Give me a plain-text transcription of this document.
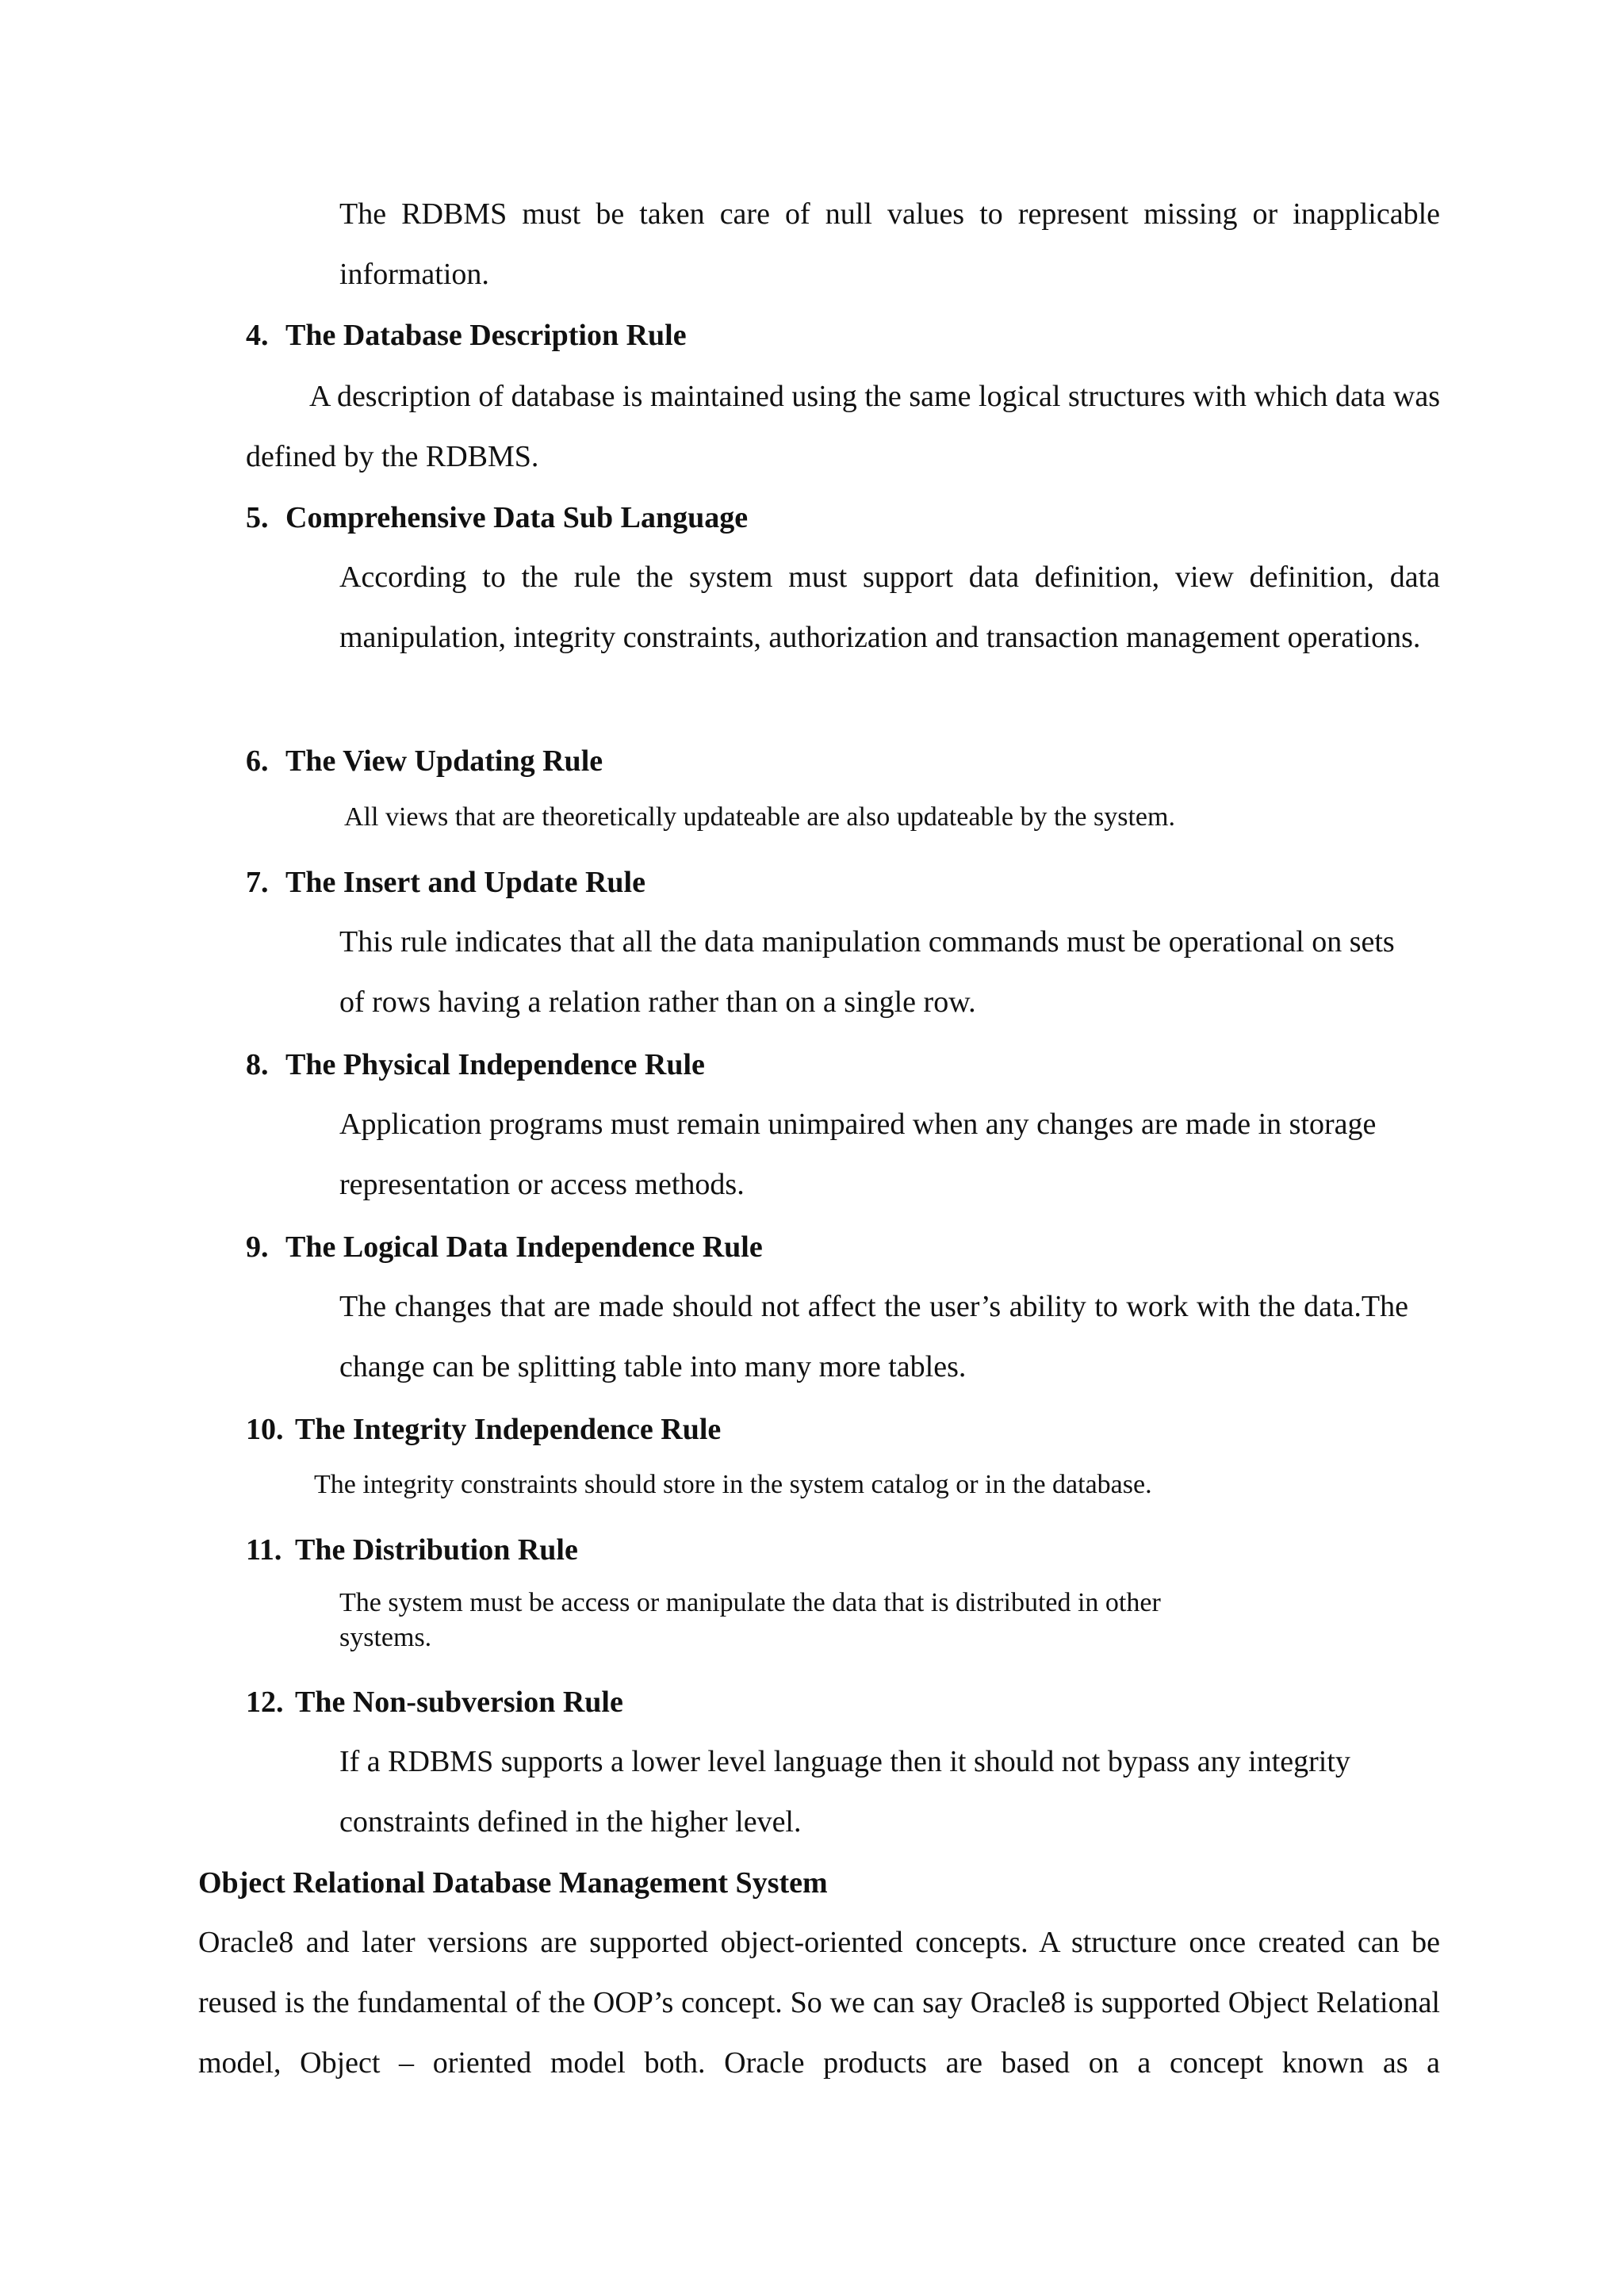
The RDBMS must be taken care of null values to represent missing or inapplicable information.

4. The Database Description Rule

A description of database is maintained using the same logical structures with which data was defined by the RDBMS.

5. Comprehensive Data Sub Language

According to the rule the system must support data definition, view definition, data manipulation, integrity constraints, authorization and transaction management operations.

6. The View Updating Rule
All views that are theoretically updateable are also updateable by the system.
7. The Insert and Update Rule

This rule indicates that all the data manipulation commands must be operational on sets of rows having a relation rather than on a single row.

8. The Physical Independence Rule

Application programs must remain unimpaired when any changes are made in storage representation or access methods.

9. The Logical Data Independence Rule

The changes that are made should not affect the user’s ability to work with the data.The change can be splitting table into many more tables.

10. The Integrity Independence Rule
The integrity constraints should store in the system catalog or in the database.
11. The Distribution Rule
The system must be access or manipulate the data that is distributed in other
systems.
12. The Non-subversion Rule

If a RDBMS supports a lower level language then it should not bypass any integrity constraints defined in the higher level.

Object Relational Database Management System

Oracle8 and later versions are supported object-oriented concepts. A structure once created can be reused is the fundamental of the OOP’s concept. So we can say Oracle8 is supported Object Relational model, Object – oriented model both. Oracle products are based on a concept known as a
